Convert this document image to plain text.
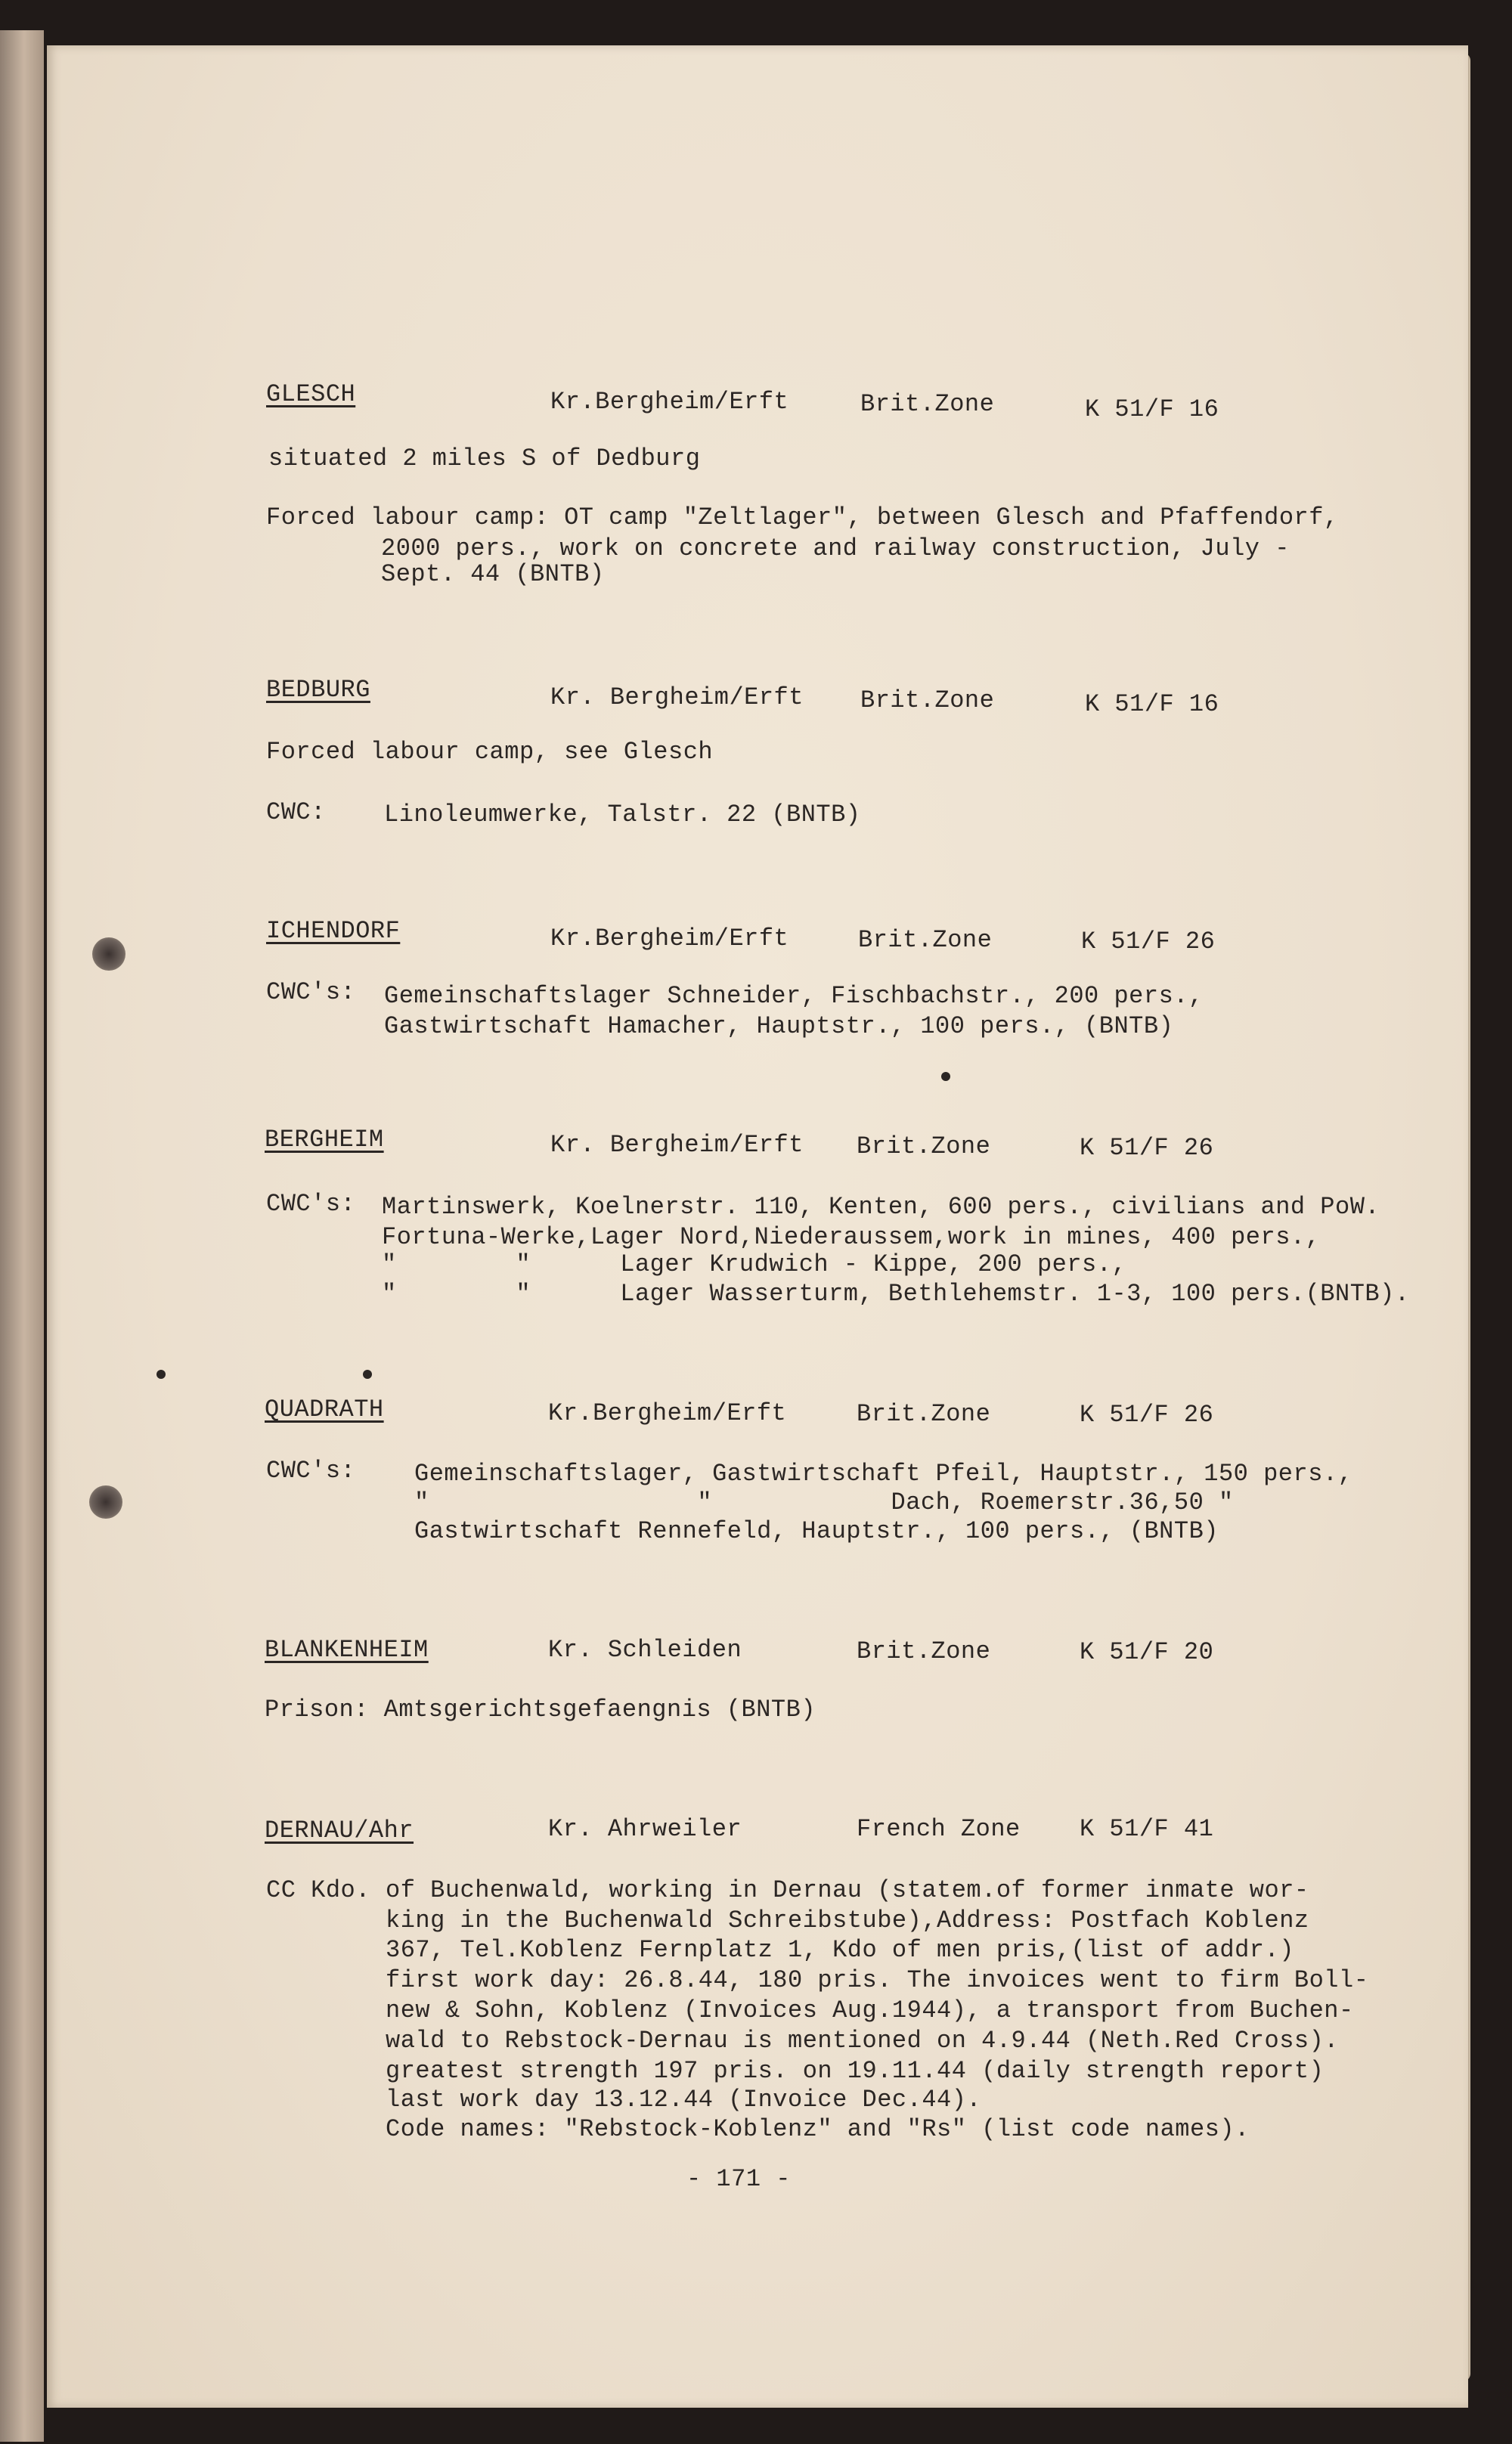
GLESCH	Kr.Bergheim/Erft	Brit.Zone	K 51/F 16

situated 2 miles S of Dedburg

Forced labour camp: OT camp "Zeltlager", between Glesch and Pfaffendorf,

2000 pers., work on concrete and railway construction, July -

Sept. 44 (BNTB)

BEDBURG	Kr. Bergheim/Erft Brit.Zone	K 51/F 16

Forced labour camp, see Glesch

CWC: Linoleumwerke, Talstr. 22 (BNTB)

ICHENDORF	Kr.Bergheim/Erft	Brit.Zone	K 51/F 26

CWC's: Gemeinschaftslager Schneider, Fischbachstr., 200 pers.,

Gastwirtschaft Hamacher, Hauptstr., 100 pers., (BNTB)

BERGHEIM	Kr. Bergheim/Erft Brit.Zone	K 51/F 26

CWC's: Martinswerk, Koelnerstr. 110, Kenten, 600 pers., civilians and PoW.

Fortuna-Werke,Lager Nord,Niederaussem,work in mines, 400 pers.,

"        "      Lager Krudwich - Kippe, 200 pers.,

"        "      Lager Wasserturm, Bethlehemstr. 1-3, 100 pers.(BNTB).

QUADRATH	Kr.Bergheim/Erft	Brit.Zone	K 51/F 26

CWC's: Gemeinschaftslager, Gastwirtschaft Pfeil, Hauptstr., 150 pers.,

"                  "            Dach, Roemerstr.36,50 "

Gastwirtschaft Rennefeld, Hauptstr., 100 pers., (BNTB)

BLANKENHEIM	Kr. Schleiden	Brit.Zone	K 51/F 20

Prison: Amtsgerichtsgefaengnis (BNTB)

DERNAU/Ahr	Kr. Ahrweiler	French Zone K 51/F 41

CC Kdo. of Buchenwald, working in Dernau (statem.of former inmate wor-

king in the Buchenwald Schreibstube),Address: Postfach Koblenz

367, Tel.Koblenz Fernplatz 1, Kdo of men pris,(list of addr.)

first work day: 26.8.44, 180 pris. The invoices went to firm Boll-

new & Sohn, Koblenz (Invoices Aug.1944), a transport from Buchen-

wald to Rebstock-Dernau is mentioned on 4.9.44 (Neth.Red Cross).

greatest strength 197 pris. on 19.11.44 (daily strength report)

last work day 13.12.44 (Invoice Dec.44).

Code names: "Rebstock-Koblenz" and "Rs" (list code names).

- 171 -
